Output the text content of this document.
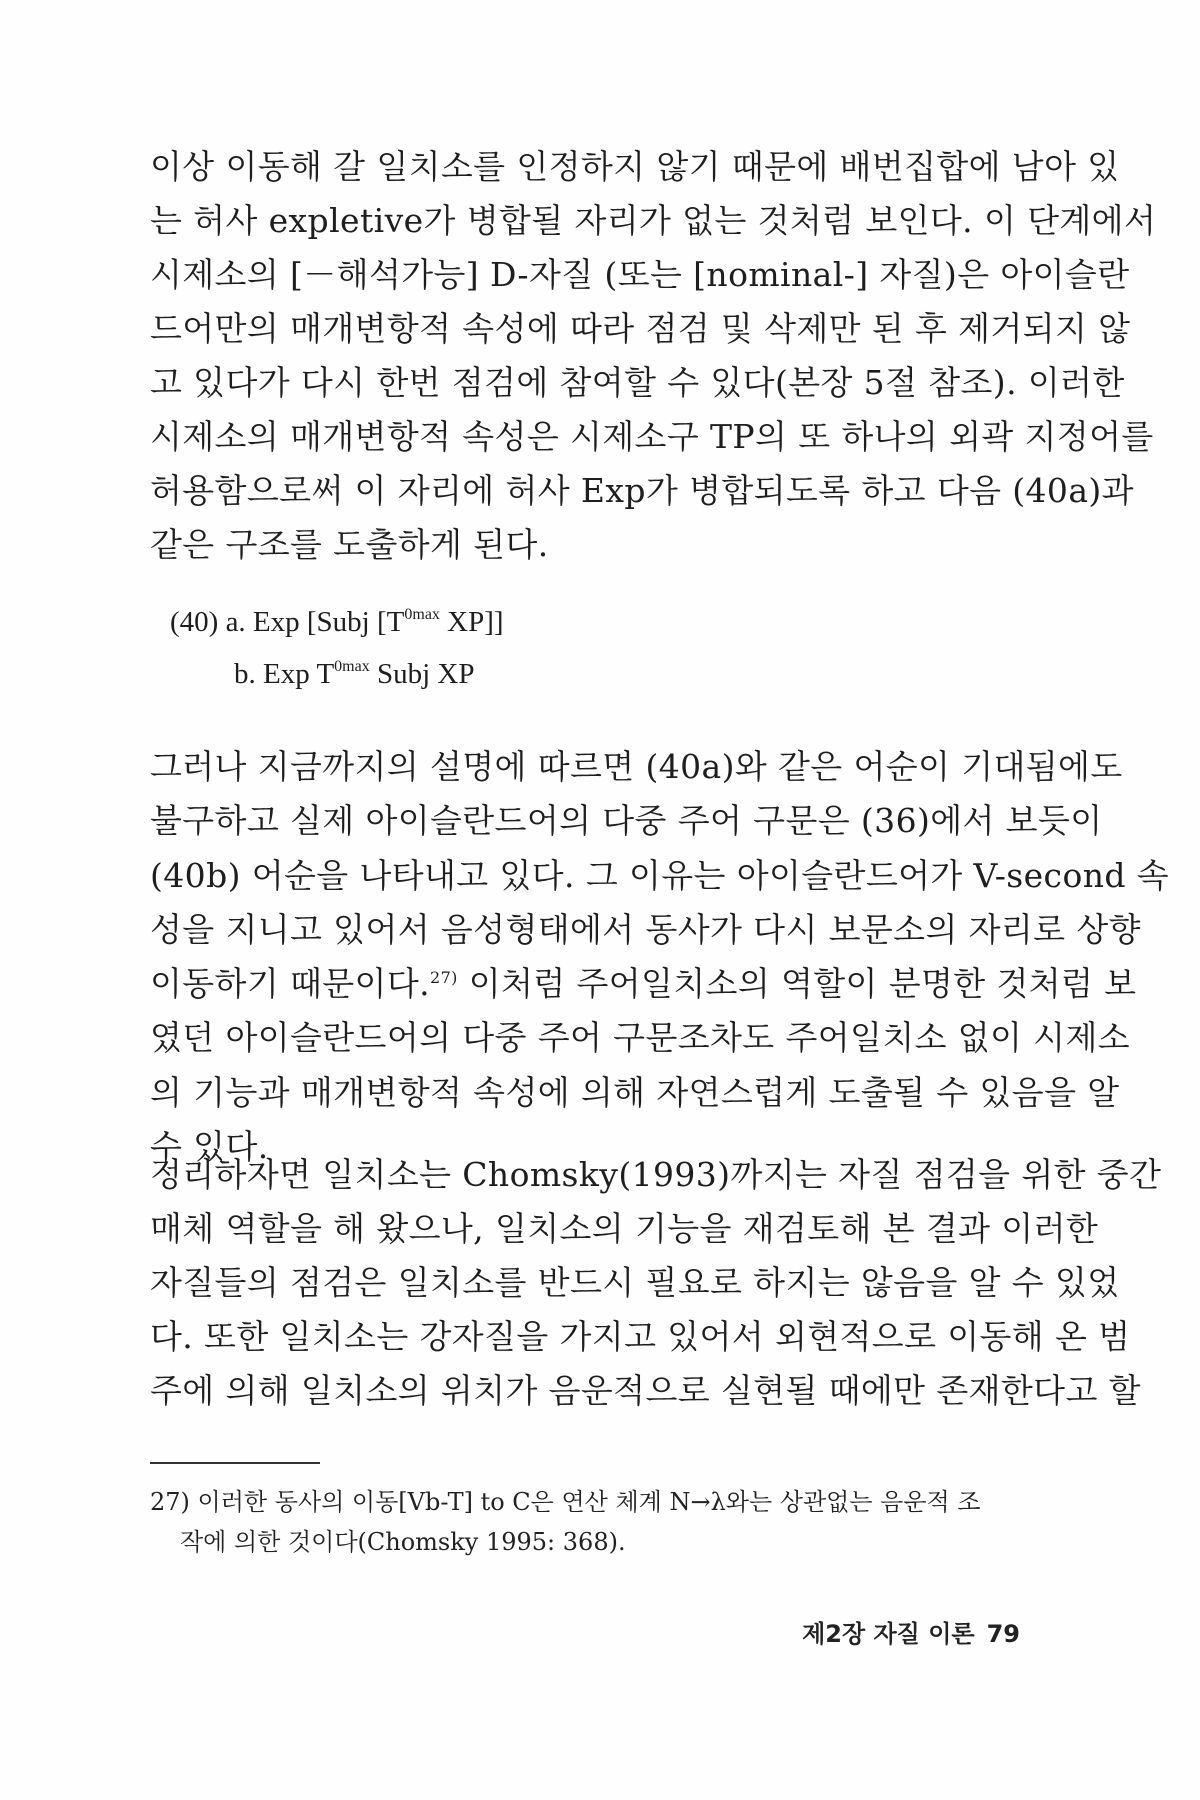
이상 이동해 갈 일치소를 인정하지 않기 때문에 배번집합에 남아 있
는 허사 expletive가 병합될 자리가 없는 것처럼 보인다. 이 단계에서
시제소의 [－해석가능] D-자질 (또는 [nominal-] 자질)은 아이슬란
드어만의 매개변항적 속성에 따라 점검 및 삭제만 된 후 제거되지 않
고 있다가 다시 한번 점검에 참여할 수 있다(본장 5절 참조). 이러한
시제소의 매개변항적 속성은 시제소구 TP의 또 하나의 외곽 지정어를
허용함으로써 이 자리에 허사 Exp가 병합되도록 하고 다음 (40a)과
같은 구조를 도출하게 된다.
(40) a. Exp [Subj [$T^{0max}$ XP]]
b. Exp $T^{0max}$ Subj XP
그러나 지금까지의 설명에 따르면 (40a)와 같은 어순이 기대됨에도
불구하고 실제 아이슬란드어의 다중 주어 구문은 (36)에서 보듯이
(40b) 어순을 나타내고 있다. 그 이유는 아이슬란드어가 V-second 속
성을 지니고 있어서 음성형태에서 동사가 다시 보문소의 자리로 상향
이동하기 때문이다.$^{27)}$ 이처럼 주어일치소의 역할이 분명한 것처럼 보
였던 아이슬란드어의 다중 주어 구문조차도 주어일치소 없이 시제소
의 기능과 매개변항적 속성에 의해 자연스럽게 도출될 수 있음을 알
수 있다.
정리하자면 일치소는 Chomsky(1993)까지는 자질 점검을 위한 중간
매체 역할을 해 왔으나, 일치소의 기능을 재검토해 본 결과 이러한
자질들의 점검은 일치소를 반드시 필요로 하지는 않음을 알 수 있었
다. 또한 일치소는 강자질을 가지고 있어서 외현적으로 이동해 온 범
주에 의해 일치소의 위치가 음운적으로 실현될 때에만 존재한다고 할
27) 이러한 동사의 이동[Vb-T] to C은 연산 체계 N→λ와는 상관없는 음운적 조
작에 의한 것이다(Chomsky 1995: 368).
제2장 자질 이론 79
